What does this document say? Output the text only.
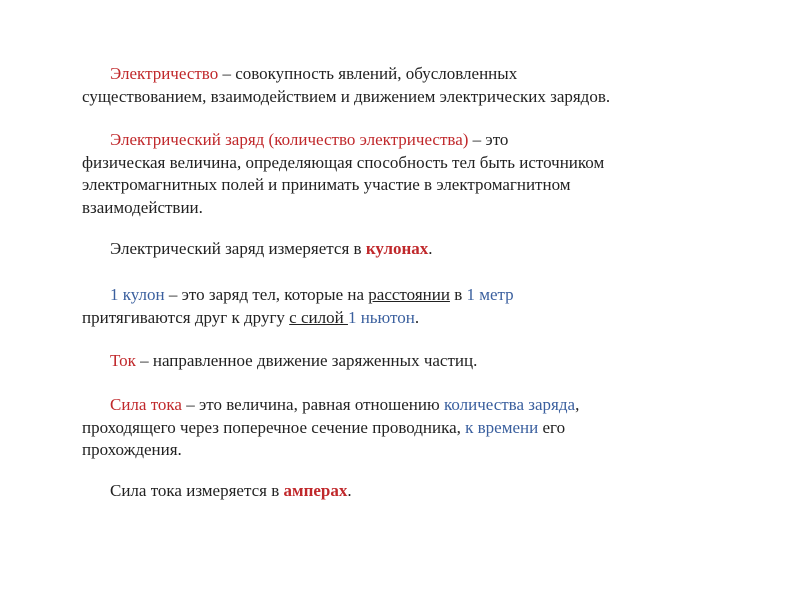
Электричество – совокупность явлений, обусловленных
существованием, взаимодействием и движением электрических зарядов.

Электрический заряд (количество электричества) – это
физическая величина, определяющая способность тел быть источником
электромагнитных полей и принимать участие в электромагнитном
взаимодействии.

Электрический заряд измеряется в кулонах.

1 кулон – это заряд тел, которые на расстоянии в 1 метр
притягиваются друг к другу с силой 1 ньютон.

Ток – направленное движение заряженных частиц.

Сила тока – это величина, равная отношению количества заряда,
проходящего через поперечное сечение проводника, к времени его
прохождения.

Сила тока измеряется в амперах.
